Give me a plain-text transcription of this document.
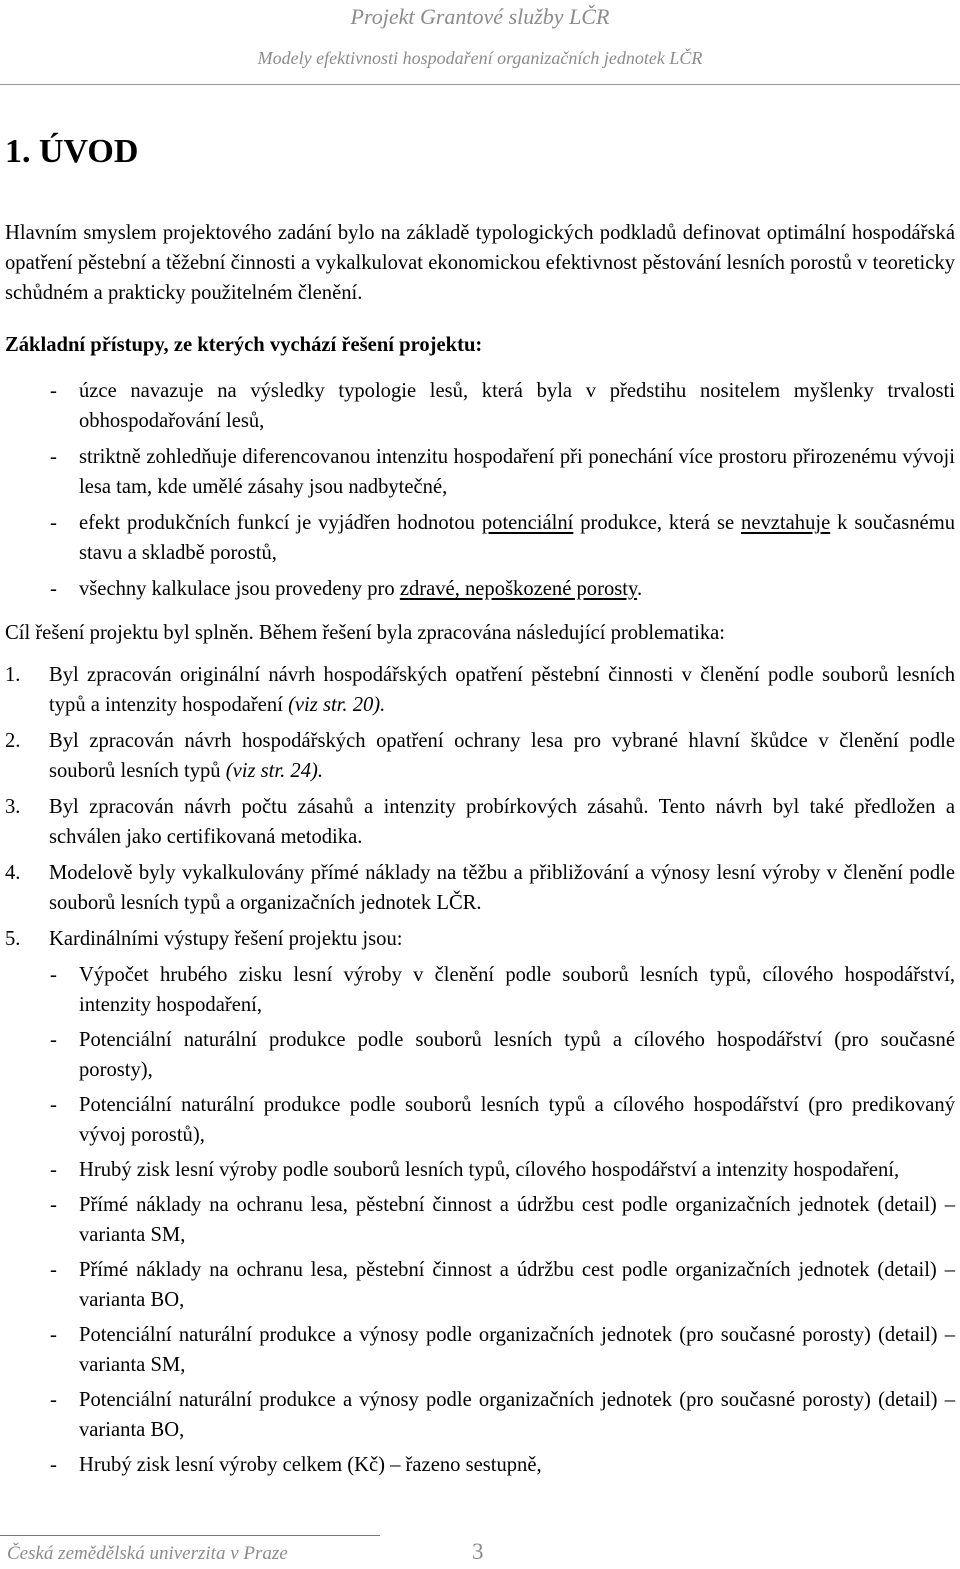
Projekt Grantové služby LČR
Modely efektivnosti hospodaření organizačních jednotek LČR
1. ÚVOD

Hlavním smyslem projektového zadání bylo na základě typologických podkladů definovat optimální hospodářská opatření pěstební a těžební činnosti a vykalkulovat ekonomickou efektivnost pěstování lesních porostů v teoreticky schůdném a prakticky použitelném členění.

Základní přístupy, ze kterých vychází řešení projektu:

- úzce navazuje na výsledky typologie lesů, která byla v předstihu nositelem myšlenky trvalosti obhospodařování lesů,
- striktně zohledňuje diferencovanou intenzitu hospodaření při ponechání více prostoru přirozenému vývoji lesa tam, kde umělé zásahy jsou nadbytečné,
- efekt produkčních funkcí je vyjádřen hodnotou potenciální produkce, která se nevztahuje k současnému stavu a skladbě porostů,
- všechny kalkulace jsou provedeny pro zdravé, nepoškozené porosty.

Cíl řešení projektu byl splněn. Během řešení byla zpracována následující problematika:

1. Byl zpracován originální návrh hospodářských opatření pěstební činnosti v členění podle souborů lesních typů a intenzity hospodaření (viz str. 20).
2. Byl zpracován návrh hospodářských opatření ochrany lesa pro vybrané hlavní škůdce v členění podle souborů lesních typů (viz str. 24).
3. Byl zpracován návrh počtu zásahů a intenzity probírkových zásahů. Tento návrh byl také předložen a schválen jako certifikovaná metodika.
4. Modelově byly vykalkulovány přímé náklady na těžbu a přibližování a výnosy lesní výroby v členění podle souborů lesních typů a organizačních jednotek LČR.
5. Kardinálními výstupy řešení projektu jsou:
- Výpočet hrubého zisku lesní výroby v členění podle souborů lesních typů, cílového hospodářství, intenzity hospodaření,
- Potenciální naturální produkce podle souborů lesních typů a cílového hospodářství (pro současné porosty),
- Potenciální naturální produkce podle souborů lesních typů a cílového hospodářství (pro predikovaný vývoj porostů),
- Hrubý zisk lesní výroby podle souborů lesních typů, cílového hospodářství a intenzity hospodaření,
- Přímé náklady na ochranu lesa, pěstební činnost a údržbu cest podle organizačních jednotek (detail) – varianta SM,
- Přímé náklady na ochranu lesa, pěstební činnost a údržbu cest podle organizačních jednotek (detail) – varianta BO,
- Potenciální naturální produkce a výnosy podle organizačních jednotek (pro současné porosty) (detail) – varianta SM,
- Potenciální naturální produkce a výnosy podle organizačních jednotek (pro současné porosty) (detail) – varianta BO,
- Hrubý zisk lesní výroby celkem (Kč) – řazeno sestupně,
Česká zemědělská univerzita v Praze	3
